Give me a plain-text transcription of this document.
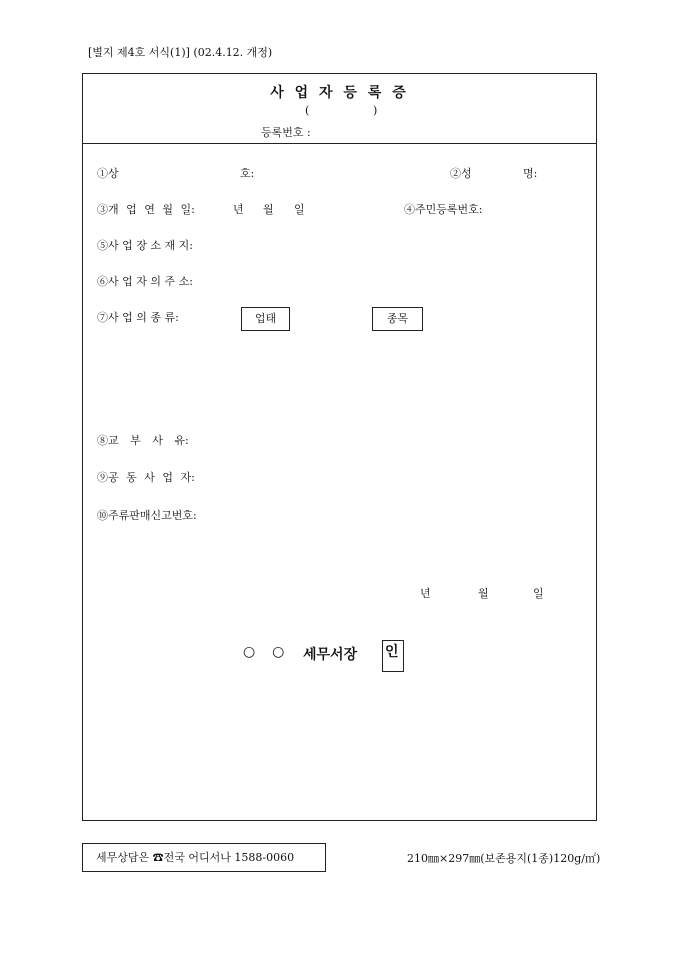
[별지 제4호 서식(1)] (02.4.12. 개정)
사 업 자 등 록 증
(	)
등록번호 :
①상	호:	②성	명:
③개 업 연 월 일:	년 월 일	④주민등록번호:
⑤사 업 장 소 재 지:
⑥사 업 자 의 주 소:
⑦사 업 의 종 류:	업태	종목
⑧교 부 사 유:
⑨공 동 사 업 자:
⑩주류판매신고번호:
년	월	일
○ ○ 세무서장 인
세무상담은 ☎전국 어디서나 1588-0060	210㎜×297㎜(보존용지(1종)120g/㎡)
